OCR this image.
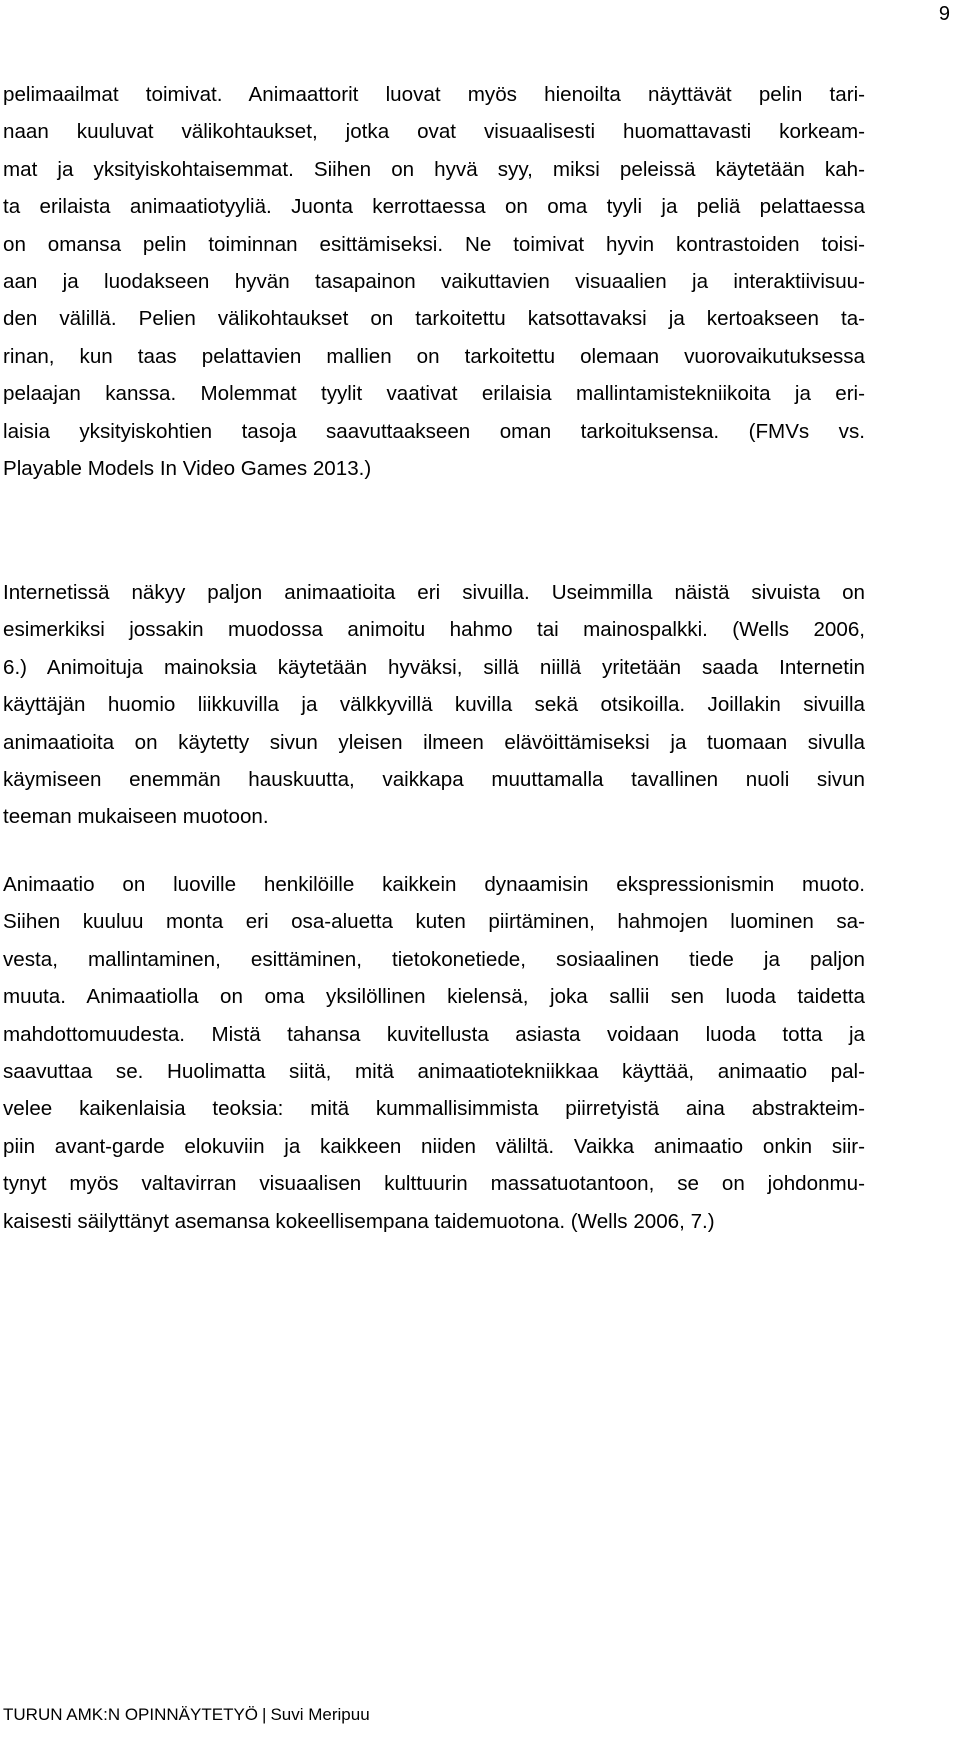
9
pelimaailmat toimivat. Animaattorit luovat myös hienoilta näyttävät pelin tari-
naan kuuluvat välikohtaukset, jotka ovat visuaalisesti huomattavasti korkeam-
mat ja yksityiskohtaisemmat. Siihen on hyvä syy, miksi peleissä käytetään kah-
ta erilaista animaatiotyyliä. Juonta kerrottaessa on oma tyyli ja peliä pelattaessa
on omansa pelin toiminnan esittämiseksi. Ne toimivat hyvin kontrastoiden toisi-
aan ja luodakseen hyvän tasapainon vaikuttavien visuaalien ja interaktiivisuu-
den välillä. Pelien välikohtaukset on tarkoitettu katsottavaksi ja kertoakseen ta-
rinan, kun taas pelattavien mallien on tarkoitettu olemaan vuorovaikutuksessa
pelaajan kanssa. Molemmat tyylit vaativat erilaisia mallintamistekniikoita ja eri-
laisia yksityiskohtien tasoja saavuttaakseen oman tarkoituksensa. (FMVs vs.
Playable Models In Video Games 2013.)
Internetissä näkyy paljon animaatioita eri sivuilla. Useimmilla näistä sivuista on
esimerkiksi jossakin muodossa animoitu hahmo tai mainospalkki. (Wells 2006,
6.) Animoituja mainoksia käytetään hyväksi, sillä niillä yritetään saada Internetin
käyttäjän huomio liikkuvilla ja välkkyvillä kuvilla sekä otsikoilla. Joillakin sivuilla
animaatioita on käytetty sivun yleisen ilmeen elävöittämiseksi ja tuomaan sivulla
käymiseen enemmän hauskuutta, vaikkapa muuttamalla tavallinen nuoli sivun
teeman mukaiseen muotoon.
Animaatio on luoville henkilöille kaikkein dynaamisin ekspressionismin muoto.
Siihen kuuluu monta eri osa-aluetta kuten piirtäminen, hahmojen luominen sa-
vesta, mallintaminen, esittäminen, tietokonetiede, sosiaalinen tiede ja paljon
muuta. Animaatiolla on oma yksilöllinen kielensä, joka sallii sen luoda taidetta
mahdottomuudesta. Mistä tahansa kuvitellusta asiasta voidaan luoda totta ja
saavuttaa se. Huolimatta siitä, mitä animaatiotekniikkaa käyttää, animaatio pal-
velee kaikenlaisia teoksia: mitä kummallisimmista piirretyistä aina abstrakteim-
piin avant-garde elokuviin ja kaikkeen niiden väliltä. Vaikka animaatio onkin siir-
tynyt myös valtavirran visuaalisen kulttuurin massatuotantoon, se on johdonmu-
kaisesti säilyttänyt asemansa kokeellisempana taidemuotona. (Wells 2006, 7.)
TURUN AMK:N OPINNÄYTETYÖ | Suvi Meripuu
